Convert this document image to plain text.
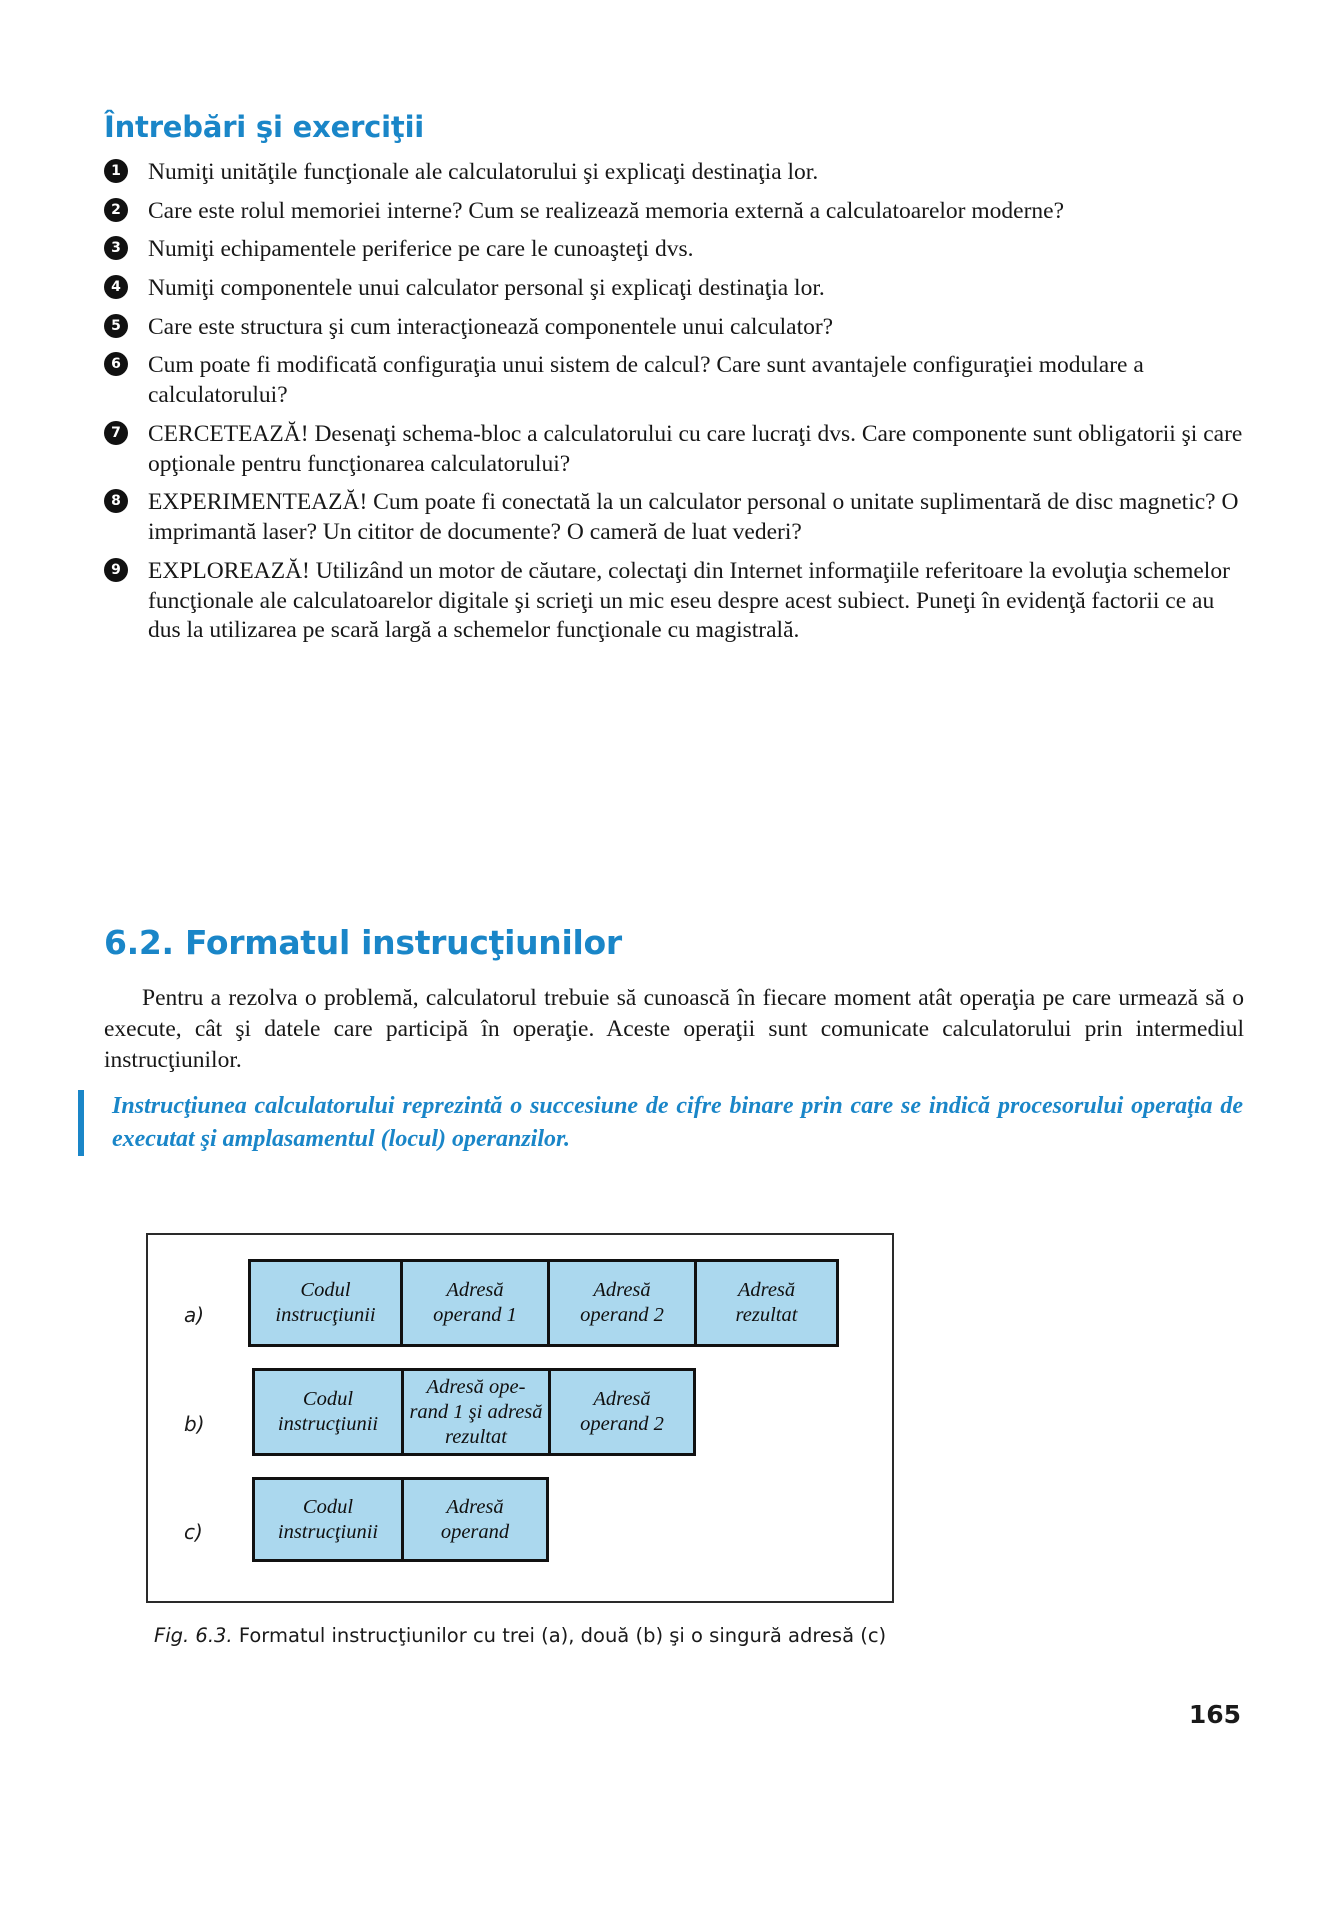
Întrebări şi exerciţii
1	Numiţi unităţile funcţionale ale calculatorului şi explicaţi destinaţia lor.
2	Care este rolul memoriei interne? Cum se realizează memoria externă a calculatoarelor moderne?
3	Numiţi echipamentele periferice pe care le cunoaşteţi dvs.
4	Numiţi componentele unui calculator personal şi explicaţi destinaţia lor.
5	Care este structura şi cum interacţionează componentele unui calculator?
6	Cum poate fi modificată configuraţia unui sistem de calcul? Care sunt avantajele configuraţiei modulare a calculatorului?
7	CERCETEAZĂ! Desenaţi schema-bloc a calculatorului cu care lucraţi dvs. Care componente sunt obligatorii şi care opţionale pentru funcţionarea calculatorului?
8	EXPERIMENTEAZĂ! Cum poate fi conectată la un calculator personal o unitate suplimentară de disc magnetic? O imprimantă laser? Un cititor de documente? O cameră de luat vederi?
9	EXPLOREAZĂ! Utilizând un motor de căutare, colectaţi din Internet informaţiile referitoare la evoluţia schemelor funcţionale ale calculatoarelor digitale şi scrieţi un mic eseu despre acest subiect. Puneţi în evidenţă factorii ce au dus la utilizarea pe scară largă a schemelor funcţionale cu magistrală.
6.2. Formatul instrucţiunilor

Pentru a rezolva o problemă, calculatorul trebuie să cunoască în fiecare moment atât operaţia pe care urmează să o execute, cât şi datele care participă în operaţie. Aceste operaţii sunt comunicate calculatorului prin intermediul instrucţiunilor.

Instrucţiunea calculatorului reprezintă o succesiune de cifre binare prin care se indică procesorului operaţia de executat şi amplasamentul (locul) operanzilor.

a)
Codul
instrucţiunii
Adresă
operand 1
Adresă
operand 2
Adresă
rezultat
b)
Codul
instrucţiunii
Adresă ope-
rand 1 şi adresă
rezultat
Adresă
operand 2
c)
Codul
instrucţiunii
Adresă
operand
Fig. 6.3. Formatul instrucţiunilor cu trei (a), două (b) şi o singură adresă (c)
165
